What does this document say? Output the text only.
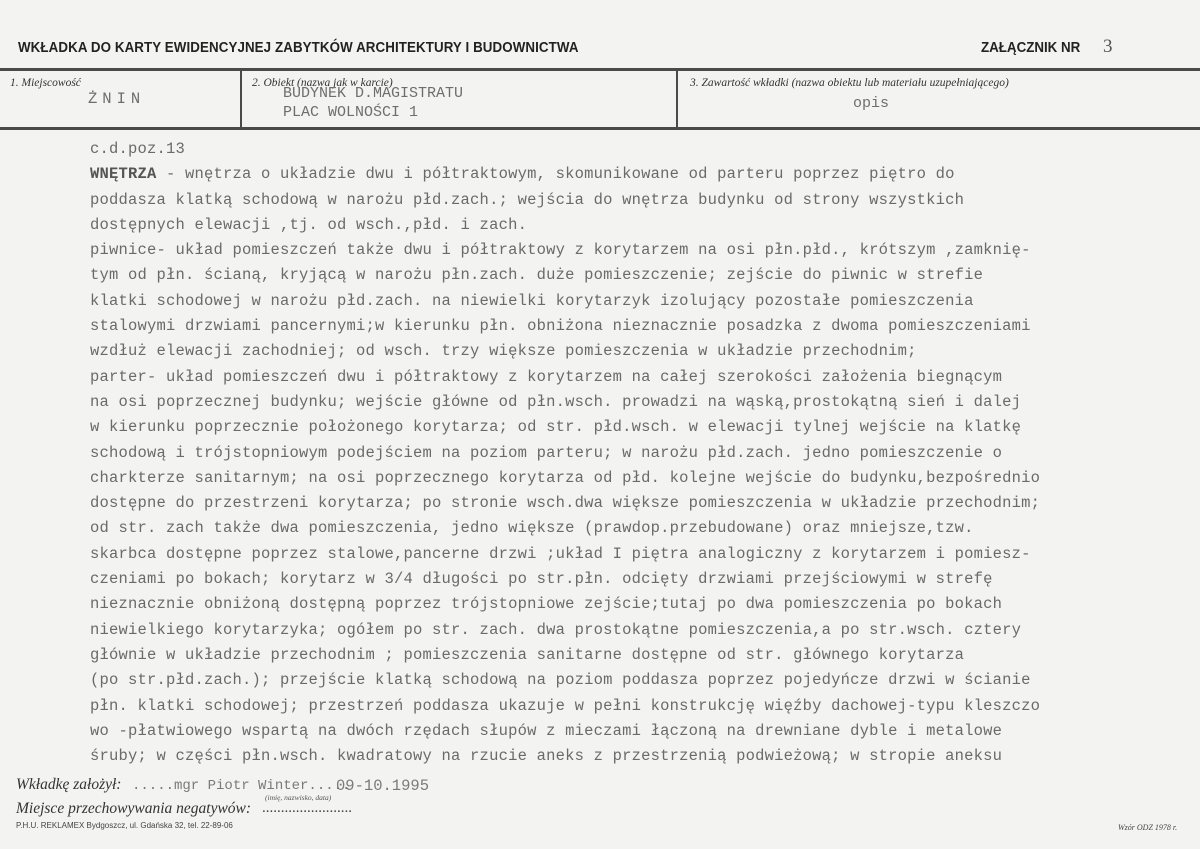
WKŁADKA DO KARTY EWIDENCYJNEJ ZABYTKÓW ARCHITEKTURY I BUDOWNICTWA	ZAŁĄCZNIK NR 3
1. Miejscowość
ŻNIN
2. Obiekt (nazwa jak w karcie)
BUDYNEK D.MAGISTRATU
PLAC WOLNOŚCI 1
3. Zawartość wkładki (nazwa obiektu lub materiału uzupełniającego)
opis
c.d.poz.13
WNĘTRZA - wnętrza o układzie dwu i półtraktowym, skomunikowane od parteru poprzez piętro do
poddasza klatką schodową w narożu płd.zach.; wejścia do wnętrza budynku od strony wszystkich
dostępnych elewacji ,tj. od wsch.,płd. i zach.
piwnice- układ pomieszczeń także dwu i półtraktowy z korytarzem na osi płn.płd., krótszym ,zamknię-
tym od płn. ścianą, kryjącą w narożu płn.zach. duże pomieszczenie; zejście do piwnic w strefie
klatki schodowej w narożu płd.zach. na niewielki korytarzyk izolujący pozostałe pomieszczenia
stalowymi drzwiami pancernymi;w kierunku płn. obniżona nieznacznie posadzka z dwoma pomieszczeniami
wzdłuż elewacji zachodniej; od wsch. trzy większe pomieszczenia w układzie przechodnim;
parter- układ pomieszczeń dwu i półtraktowy z korytarzem na całej szerokości założenia biegnącym
na osi poprzecznej budynku; wejście główne od płn.wsch. prowadzi na wąską,prostokątną sień i dalej
w kierunku poprzecznie położonego korytarza; od str. płd.wsch. w elewacji tylnej wejście na klatkę
schodową i trójstopniowym podejściem na poziom parteru; w narożu płd.zach. jedno pomieszczenie o
charkterze sanitarnym; na osi poprzecznego korytarza od płd. kolejne wejście do budynku,bezpośrednio
dostępne do przestrzeni korytarza; po stronie wsch.dwa większe pomieszczenia w układzie przechodnim;
od str. zach także dwa pomieszczenia, jedno większe (prawdop.przebudowane) oraz mniejsze,tzw.
skarbca dostępne poprzez stalowe,pancerne drzwi ;układ I piętra analogiczny z korytarzem i pomiesz-
czeniami po bokach; korytarz w 3/4 długości po str.płn. odcięty drzwiami przejściowymi w strefę
nieznacznie obniżoną dostępną poprzez trójstopniowe zejście;tutaj po dwa pomieszczenia po bokach
niewielkiego korytarzyka; ogółem po str. zach. dwa prostokątne pomieszczenia,a po str.wsch. cztery
głównie w układzie przechodnim ; pomieszczenia sanitarne dostępne od str. głównego korytarza
(po str.płd.zach.); przejście klatką schodową na poziom poddasza poprzez pojedyńcze drzwi w ścianie
płn. klatki schodowej; przestrzeń poddasza ukazuje w pełni konstrukcję więźby dachowej-typu kleszczo
wo -płatwiowego wspartą na dwóch rzędach słupów z mieczami łączoną na drewniane dyble i metalowe
śruby; w części płn.wsch. kwadratowy na rzucie aneks z przestrzenią podwieżową; w stropie aneksu
Wkładkę założył: .....mgr Piotr Winter.....
09-10.1995
(imię, nazwisko, data)
Miejsce przechowywania negatywów: ........................
P.H.U. REKLAMEX Bydgoszcz, ul. Gdańska 32, tel. 22-89-06	Wzór ODZ 1978 r.
